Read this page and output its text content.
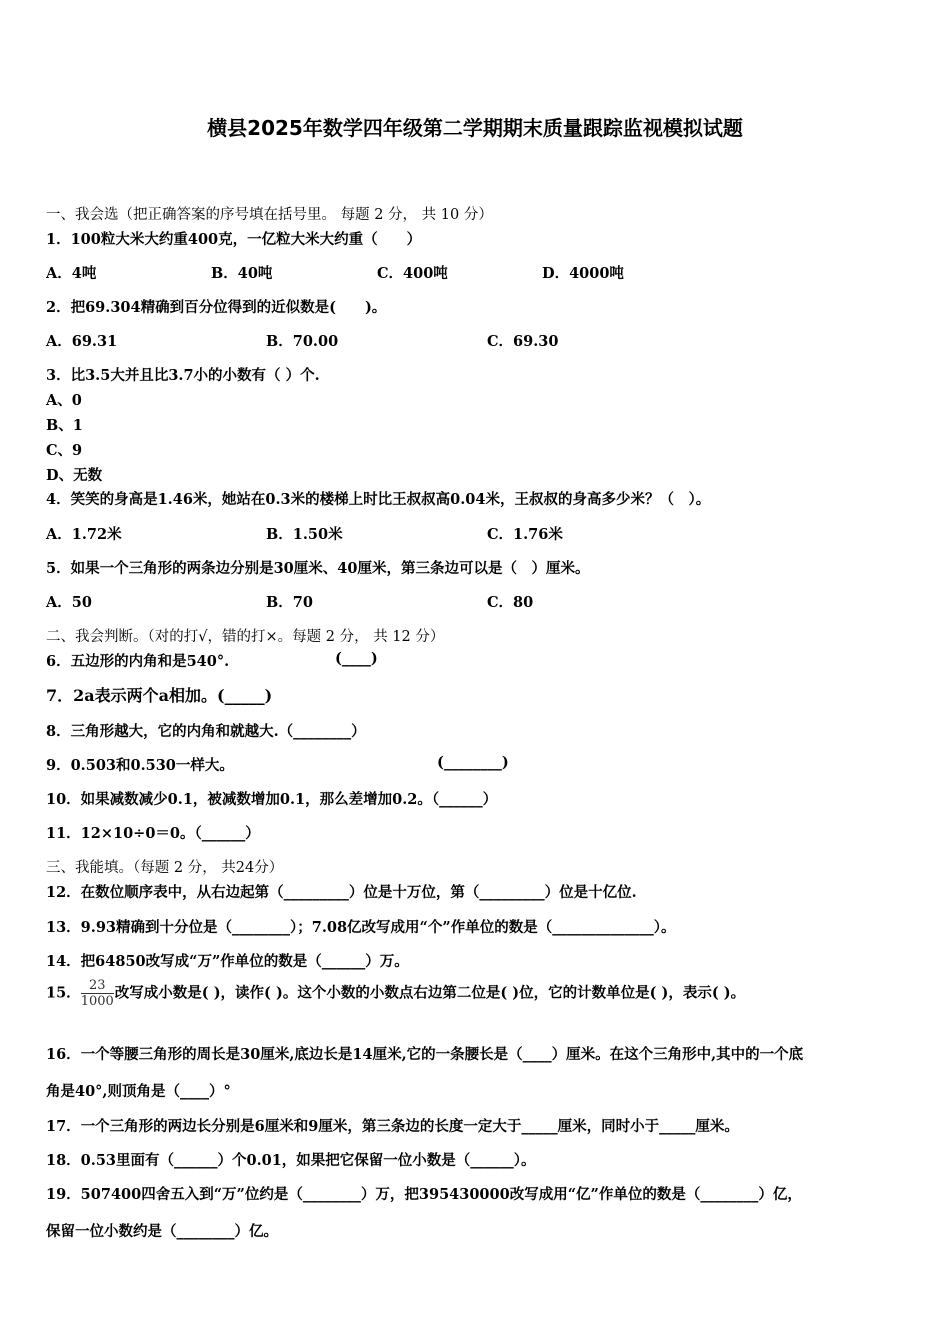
横县2025年数学四年级第二学期期末质量跟踪监视模拟试题
一、我会选（把正确答案的序号填在括号里。 每题 2 分， 共 10 分）
1．100粒大米大约重400克，一亿粒大米大约重（　　）
A．4吨	B．40吨	C．400吨	D．4000吨
2．把69.304精确到百分位得到的近似数是(　　)。
A．69.31	B．70.00	C．69.30
3．比3.5大并且比3.7小的小数有（ ）个.
A、0
B、1
C、9
D、无数
4．笑笑的身高是1.46米，她站在0.3米的楼梯上时比王叔叔高0.04米，王叔叔的身高多少米？（　）。
A．1.72米	B．1.50米	C．1.76米
5．如果一个三角形的两条边分别是30厘米、40厘米，第三条边可以是（　）厘米。
A．50	B．70	C．80
二、我会判断。（对的打√，错的打×。每题 2 分， 共 12 分）
6．五边形的内角和是540°.	(____)
7．2a表示两个a相加。(_____)
8．三角形越大，它的内角和就越大.（________）
9．0.503和0.530一样大。	(________)
10．如果减数减少0.1，被减数增加0.1，那么差增加0.2。（______）
11．12×10÷0＝0。（______）
三、我能填。（每题 2 分， 共24分）
12．在数位顺序表中，从右边起第（_________）位是十万位，第（_________）位是十亿位.
13．9.93精确到十分位是（________）；7.08亿改写成用“个”作单位的数是（______________）。
14．把64850改写成“万”作单位的数是（______）万。
15． $\frac{23}{1000}$ 改写成小数是( )，读作( )。这个小数的小数点右边第二位是( )位，它的计数单位是( )，表示( )。
16．一个等腰三角形的周长是30厘米,底边长是14厘米,它的一条腰长是（____）厘米。在这个三角形中,其中的一个底
角是40°,则顶角是（____）°
17．一个三角形的两边长分别是6厘米和9厘米，第三条边的长度一定大于_____厘米，同时小于_____厘米。
18．0.53里面有（______）个0.01，如果把它保留一位小数是（______）。
19．507400四舍五入到“万”位约是（________）万，把395430000改写成用“亿”作单位的数是（________）亿，
保留一位小数约是（________）亿。
